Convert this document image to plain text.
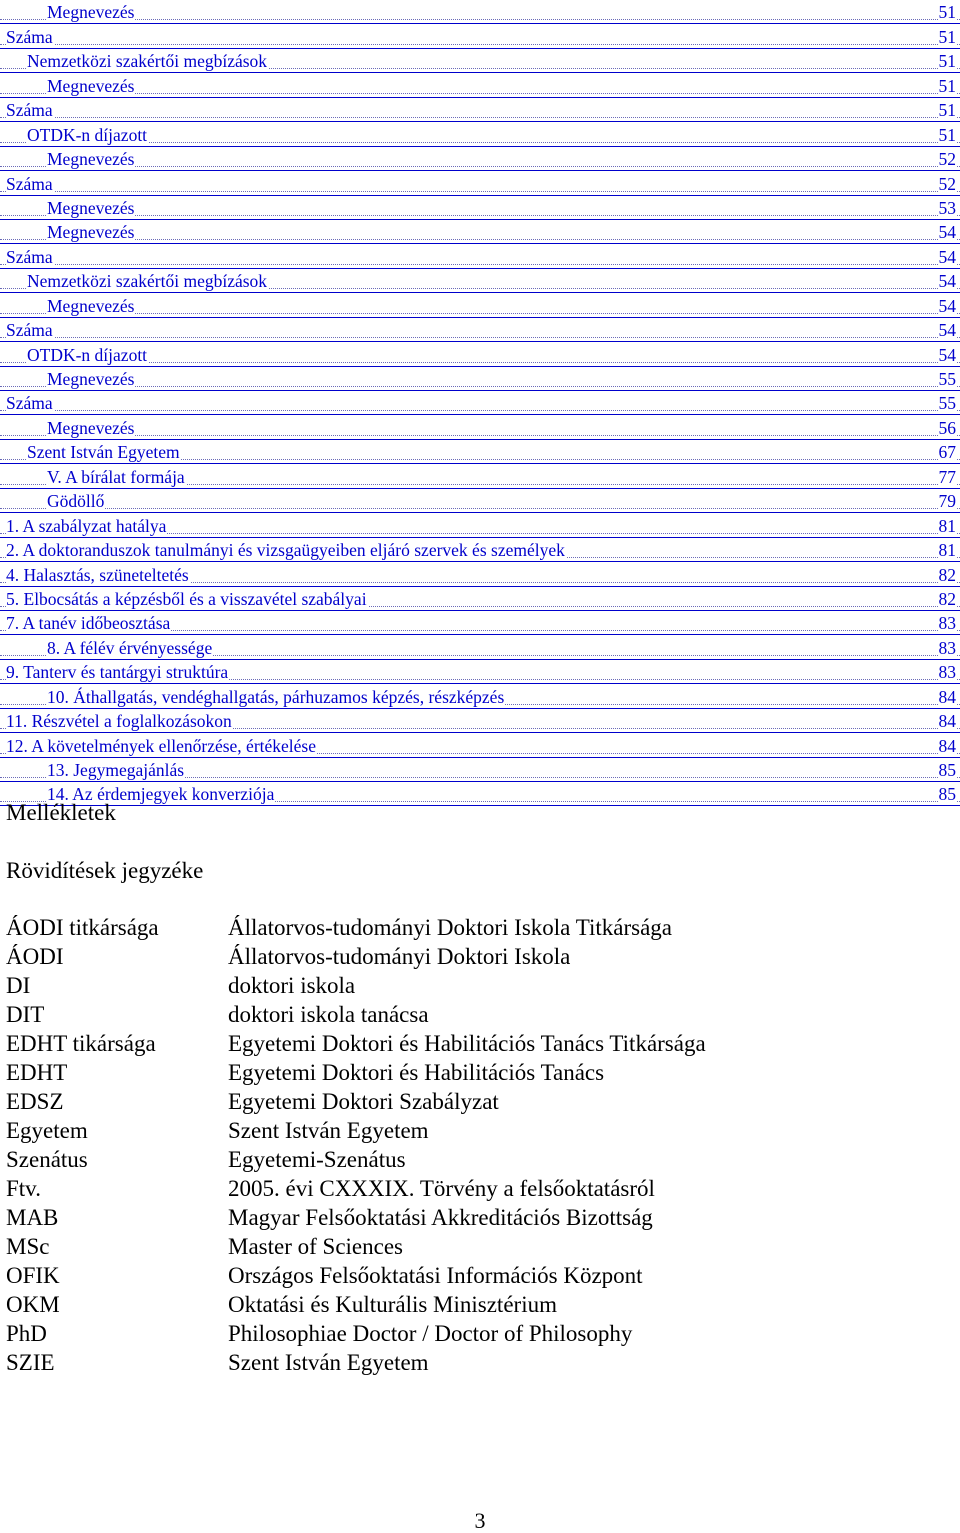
Megnevezés	51
Száma	51
Nemzetközi szakértői megbízások	51
Megnevezés	51
Száma	51
OTDK-n díjazott	51
Megnevezés	52
Száma	52
Megnevezés	53
Megnevezés	54
Száma	54
Nemzetközi szakértői megbízások	54
Megnevezés	54
Száma	54
OTDK-n díjazott	54
Megnevezés	55
Száma	55
Megnevezés	56
Szent István Egyetem	67
V. A bírálat formája	77
Gödöllő	79
1. A szabályzat hatálya	81
2. A doktoranduszok tanulmányi és vizsgaügyeiben eljáró szervek és személyek	81
4. Halasztás, szüneteltetés	82
5. Elbocsátás a képzésből és a visszavétel szabályai	82
7. A tanév időbeosztása	83
8. A félév érvényessége	83
9. Tanterv és tantárgyi struktúra	83
10. Áthallgatás, vendéghallgatás, párhuzamos képzés, részképzés	84
11. Részvétel a foglalkozásokon	84
12. A követelmények ellenőrzése, értékelése	84
13. Jegymegajánlás	85
14. Az érdemjegyek konverziója	85
Mellékletek
Rövidítések jegyzéke
ÁODI titkársága	Állatorvos-tudományi Doktori Iskola Titkársága
ÁODI	Állatorvos-tudományi Doktori Iskola
DI	doktori iskola
DIT	doktori iskola tanácsa
EDHT tikársága	Egyetemi Doktori és Habilitációs Tanács Titkársága
EDHT	Egyetemi Doktori és Habilitációs Tanács
EDSZ	Egyetemi Doktori Szabályzat
Egyetem	Szent István Egyetem
Szenátus	Egyetemi-Szenátus
Ftv.	2005. évi CXXXIX. Törvény a felsőoktatásról
MAB	Magyar Felsőoktatási Akkreditációs Bizottság
MSc	Master of Sciences
OFIK	Országos Felsőoktatási Információs Központ
OKM	Oktatási és Kulturális Minisztérium
PhD	Philosophiae Doctor / Doctor of Philosophy
SZIE	Szent István Egyetem
3
